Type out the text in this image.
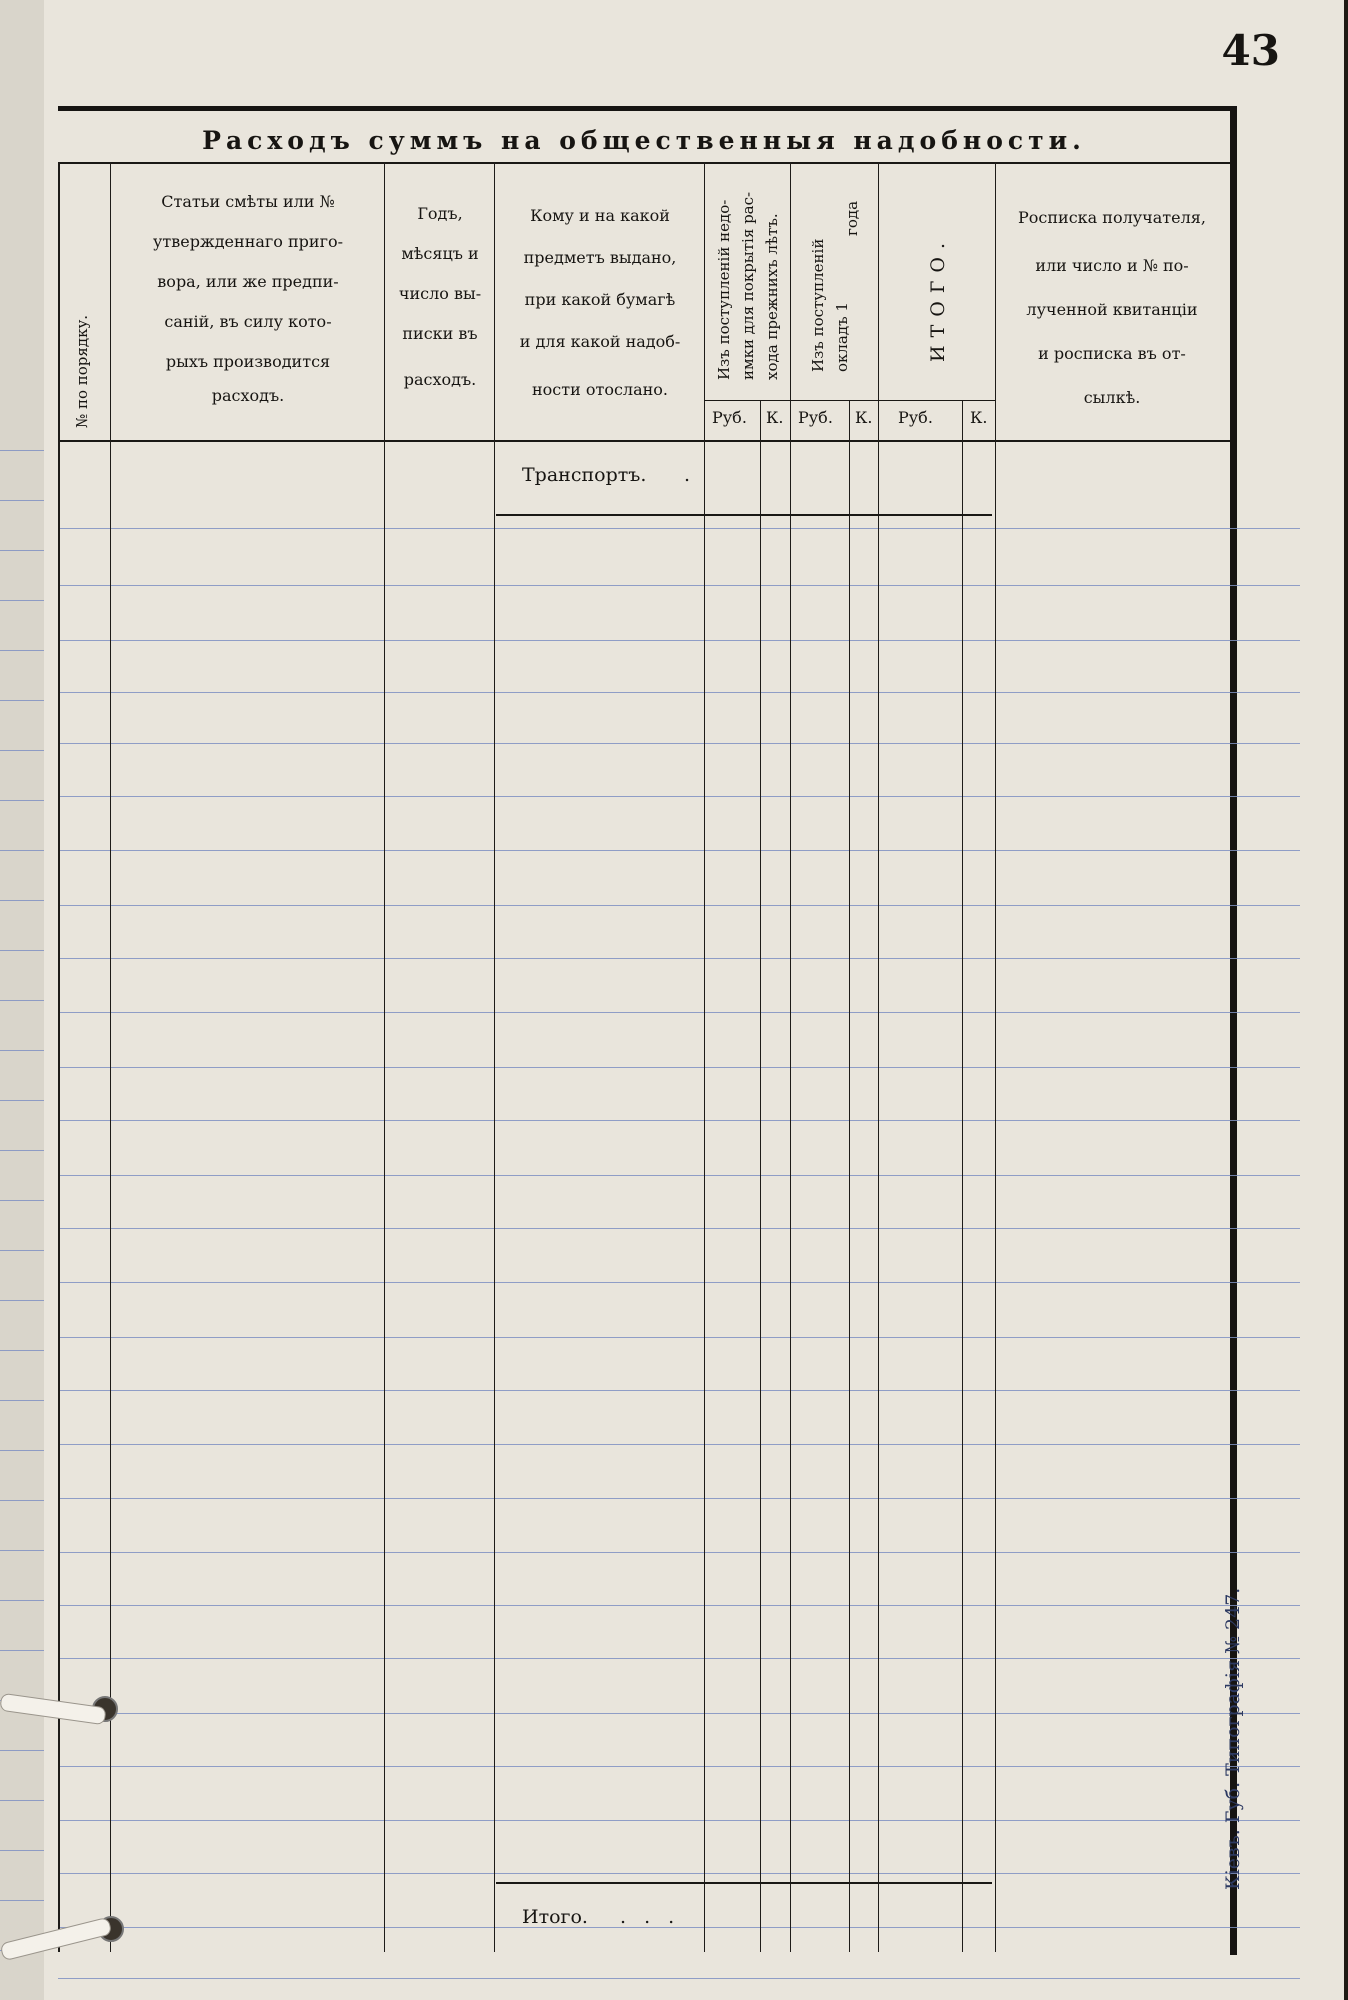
43
Расходъ суммъ на общественныя надобности.
№ по порядку.
Статьи смѣты или №
утвержденнаго приго-
вора, или же предпи-
саній, въ силу кото-
рыхъ производится
расходъ.
Годъ,
мѣсяцъ и
число вы-
писки въ
расходъ.
Кому и на какой
предметъ выдано,
при какой бумагѣ
и для какой надоб-
ности отослано.
Изъ поступленій недо- имки для покрытія рас- хода прежнихъ лѣтъ. Изъ поступленій окладъ 1
года
ИТОГО.
Росписка получателя,
или число и № по-
лученной квитанціи
и росписка въ от-
сылкѣ.
Руб. К. Руб. К. Руб. К.
Транспортъ. .
Итого. . . .
Кіевъ. Губ. Типографія № 247.
